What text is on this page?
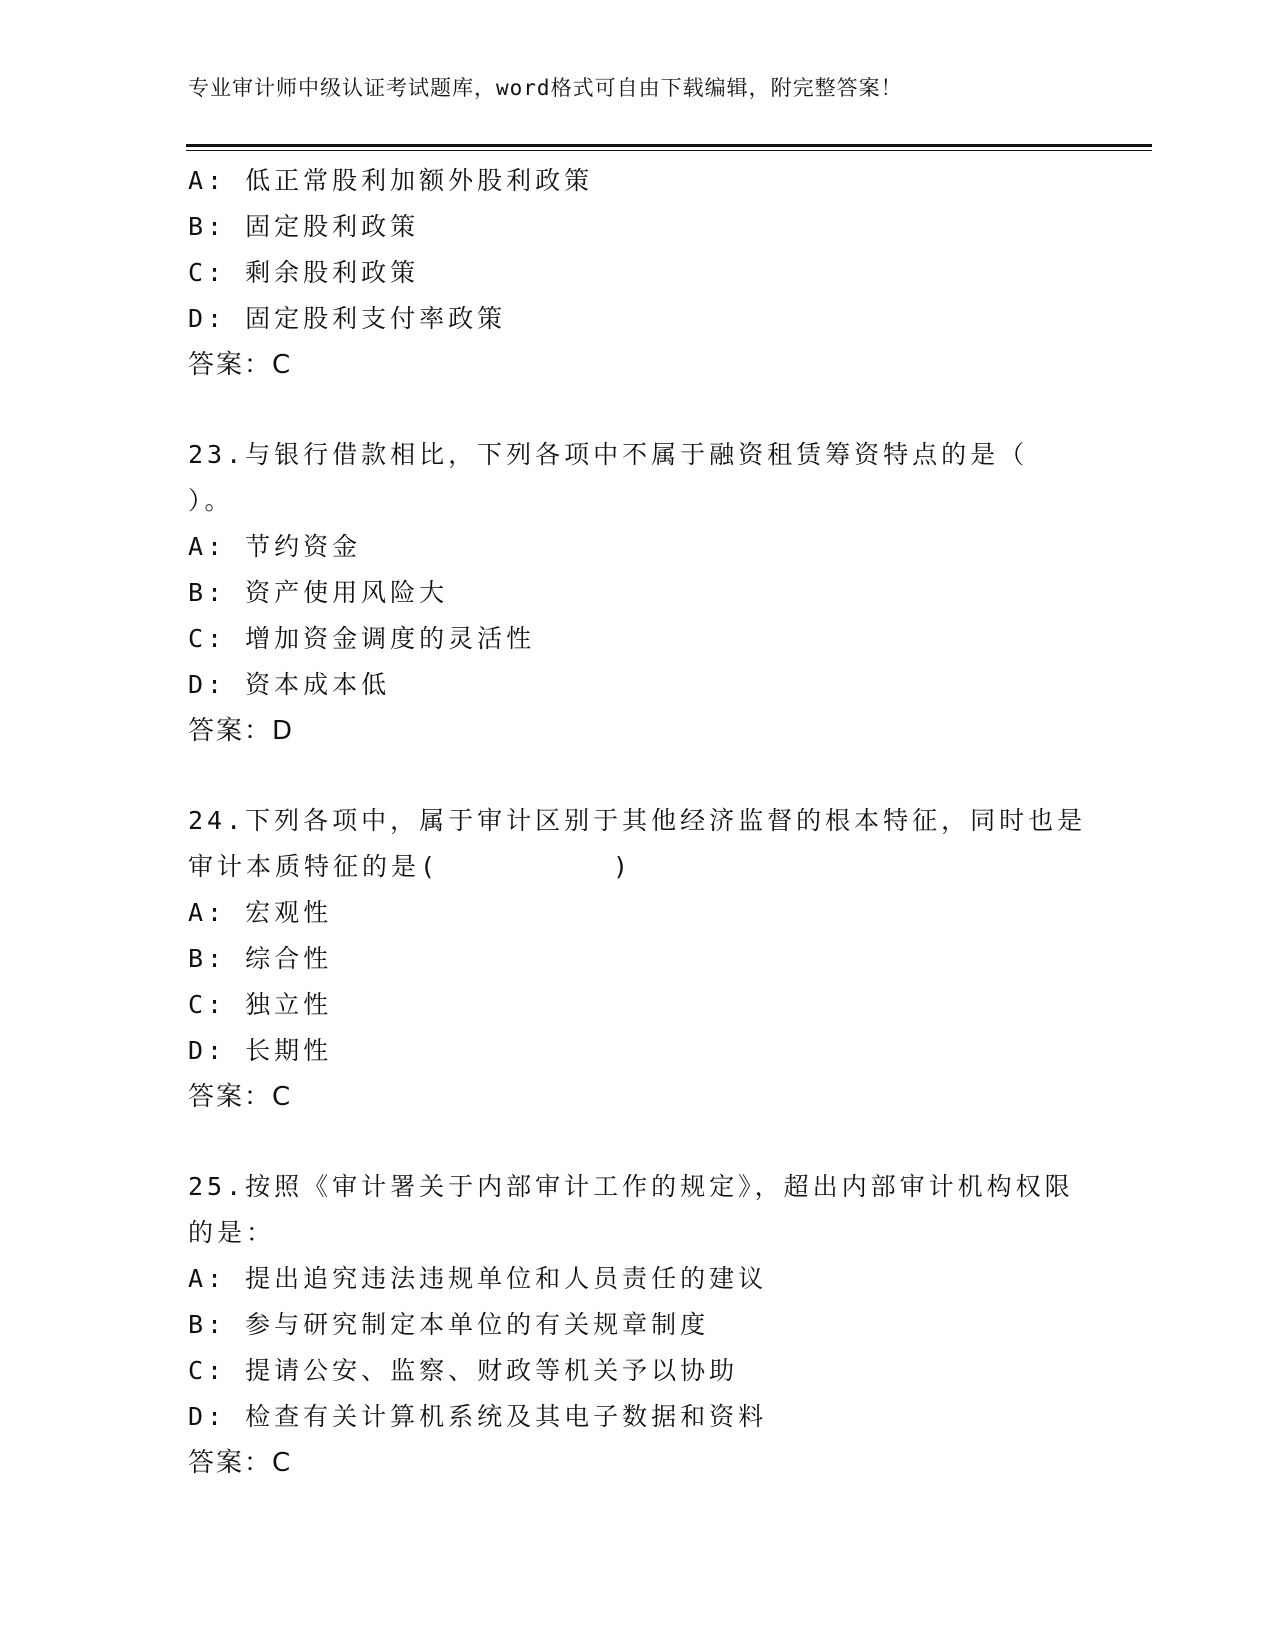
专业审计师中级认证考试题库，word格式可自由下载编辑，附完整答案！
A: 低正常股利加额外股利政策
B: 固定股利政策
C: 剩余股利政策
D: 固定股利支付率政策
答案：C
23.与银行借款相比，下列各项中不属于融资租赁筹资特点的是（
）。
A: 节约资金
B: 资产使用风险大
C: 增加资金调度的灵活性
D: 资本成本低
答案：D
24.下列各项中，属于审计区别于其他经济监督的根本特征，同时也是
审计本质特征的是(　　　　　　)
A: 宏观性
B: 综合性
C: 独立性
D: 长期性
答案：C
25.按照《审计署关于内部审计工作的规定》，超出内部审计机构权限
的是：
A: 提出追究违法违规单位和人员责任的建议
B: 参与研究制定本单位的有关规章制度
C: 提请公安、监察、财政等机关予以协助
D: 检查有关计算机系统及其电子数据和资料
答案：C
